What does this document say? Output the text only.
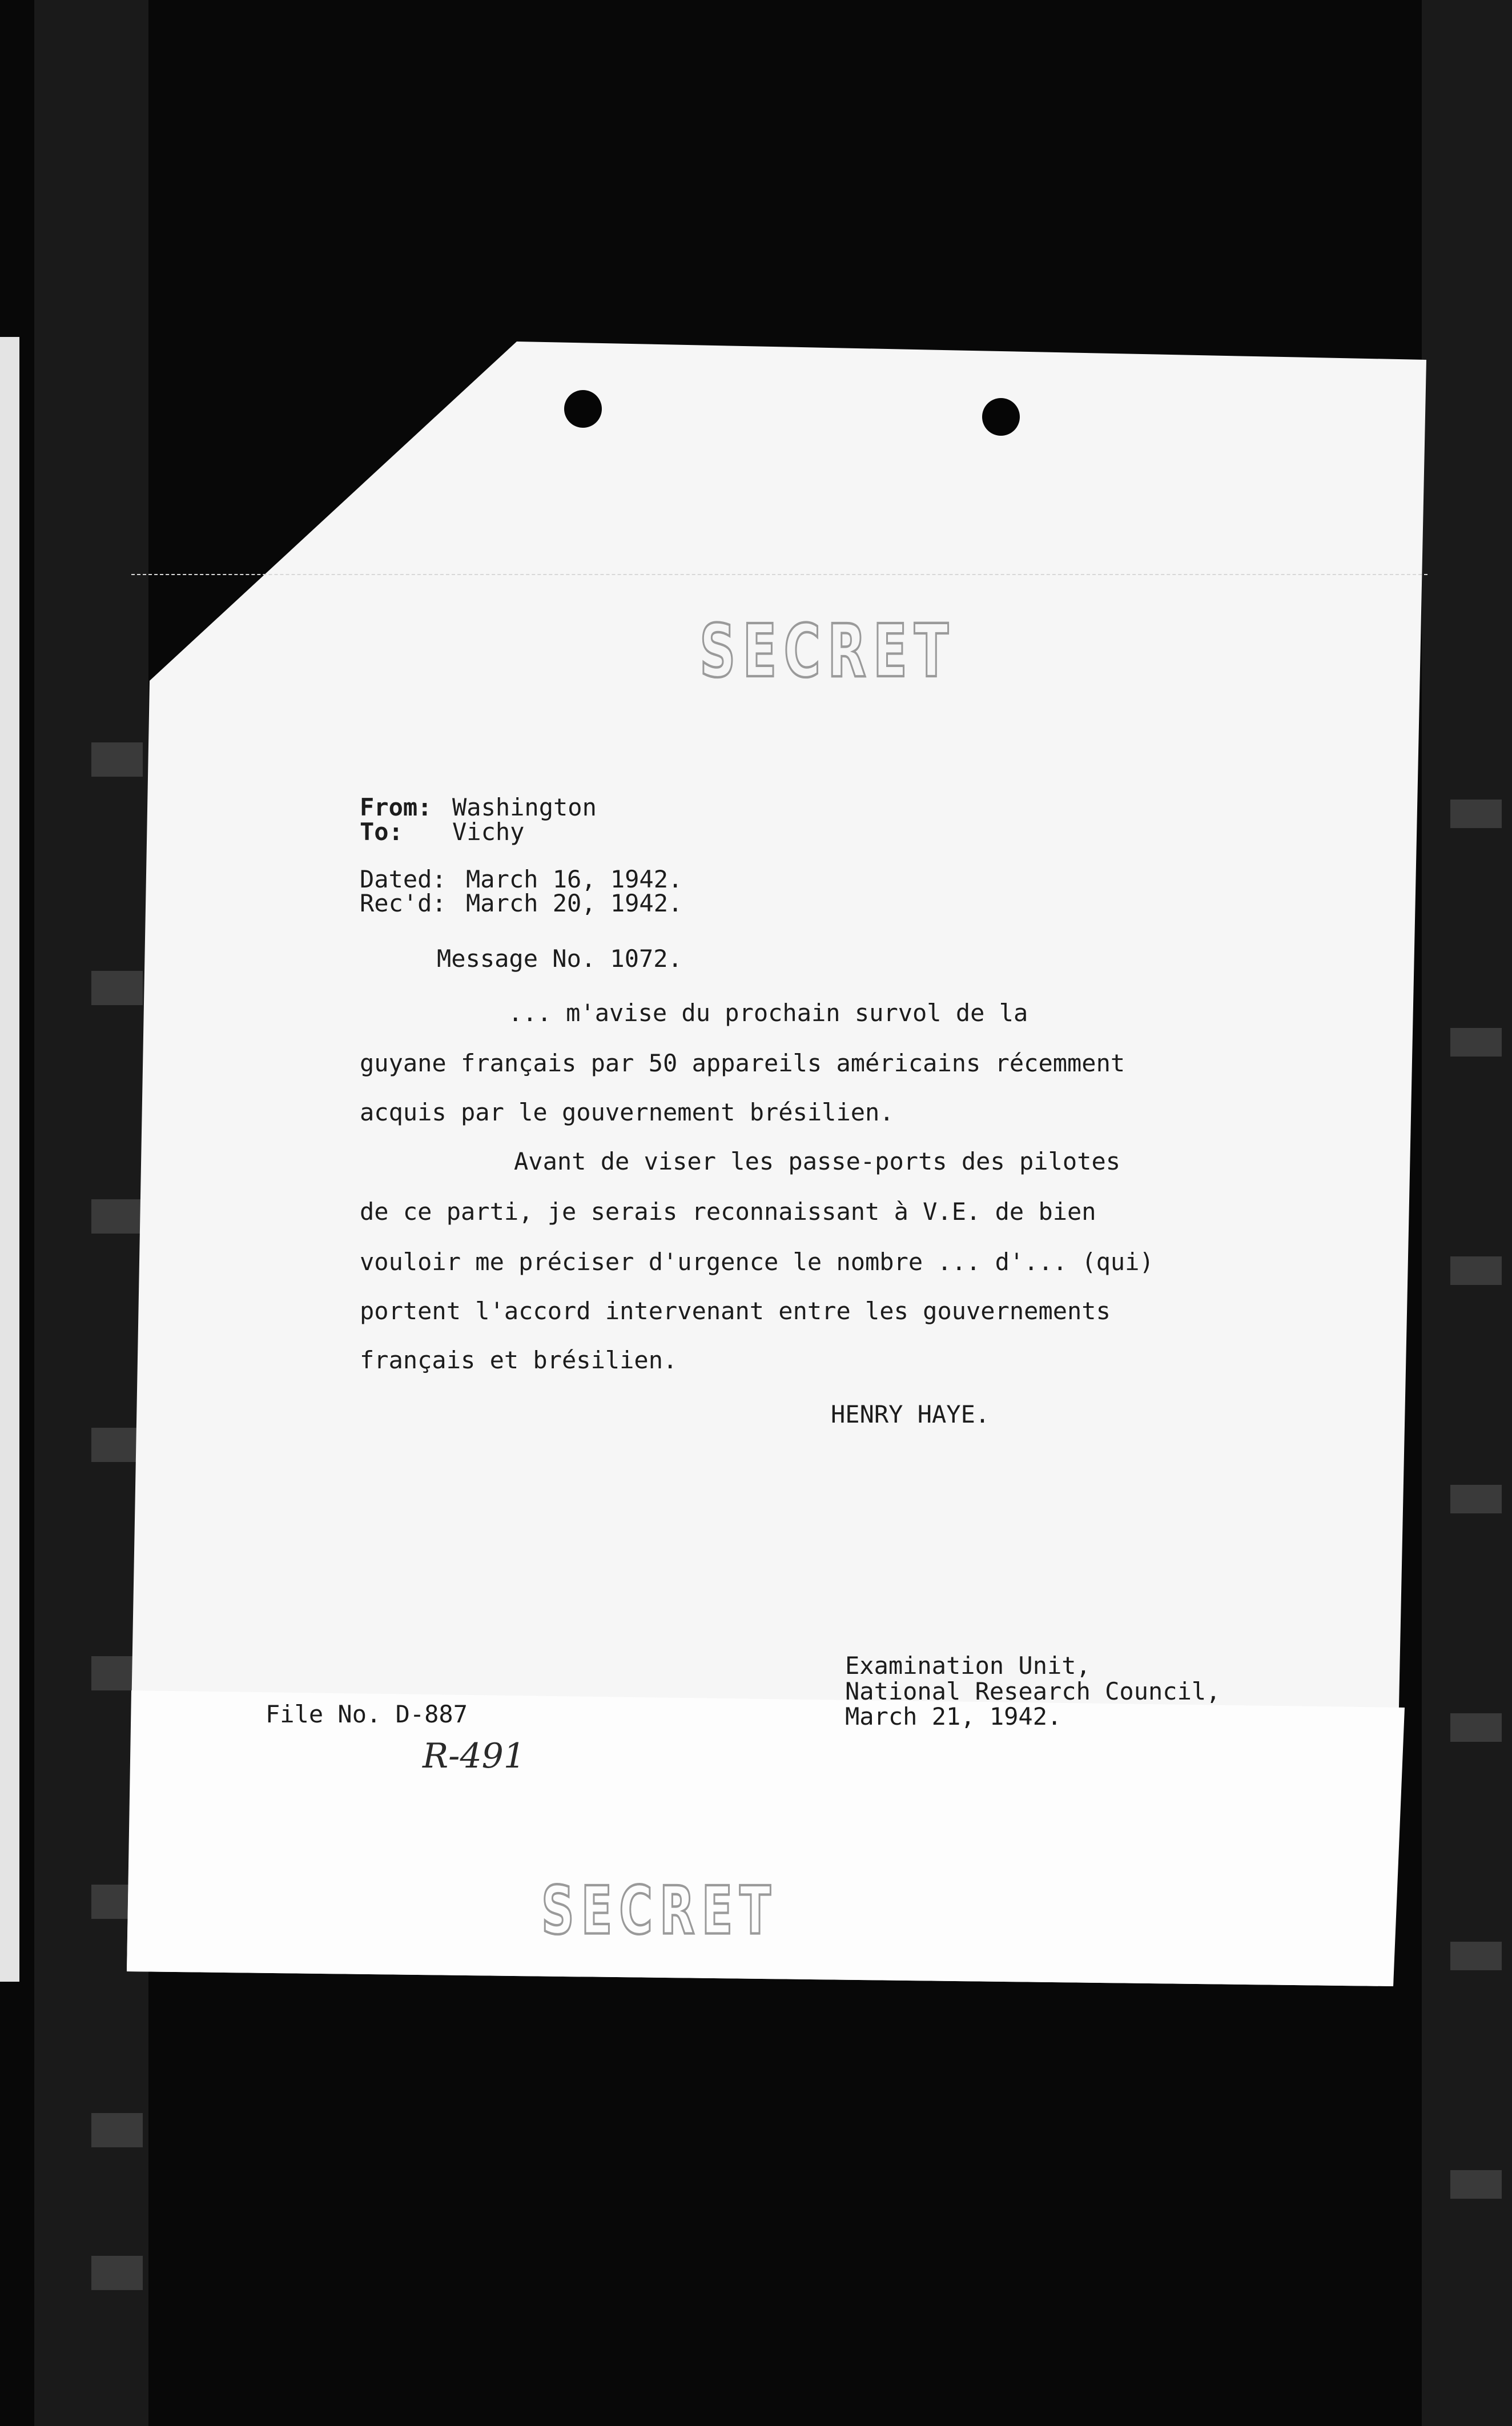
SECRET
From: Washington
To: Vichy
Dated: March 16, 1942.
Rec'd: March 20, 1942.
Message No. 1072.
... m'avise du prochain survol de la
guyane français par 50 appareils américains récemment
acquis par le gouvernement brésilien.
Avant de viser les passe-ports des pilotes
de ce parti, je serais reconnaissant à V.E. de bien
vouloir me préciser d'urgence le nombre ... d'... (qui)
portent l'accord intervenant entre les gouvernements
français et brésilien.
HENRY HAYE.
Examination Unit,
National Research Council,
March 21, 1942.
File No. D-887
R-491
SECRET
